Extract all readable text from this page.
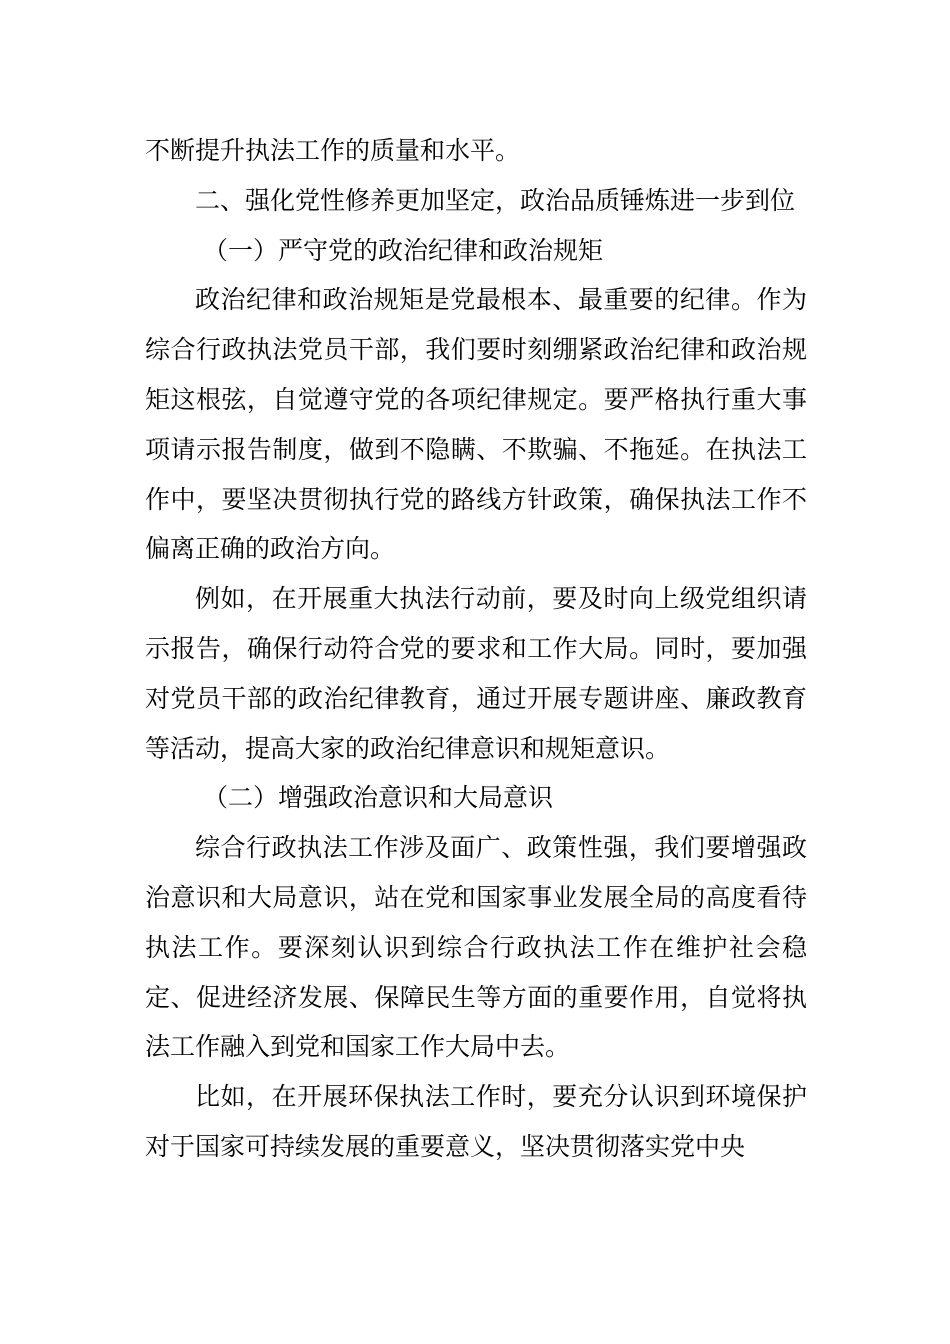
不断提升执法工作的质量和水平。

二、强化党性修养更加坚定，政治品质锤炼进一步到位

（一）严守党的政治纪律和政治规矩

政治纪律和政治规矩是党最根本、最重要的纪律。作为综合行政执法党员干部，我们要时刻绷紧政治纪律和政治规矩这根弦，自觉遵守党的各项纪律规定。要严格执行重大事项请示报告制度，做到不隐瞒、不欺骗、不拖延。在执法工作中，要坚决贯彻执行党的路线方针政策，确保执法工作不偏离正确的政治方向。

例如，在开展重大执法行动前，要及时向上级党组织请示报告，确保行动符合党的要求和工作大局。同时，要加强对党员干部的政治纪律教育，通过开展专题讲座、廉政教育等活动，提高大家的政治纪律意识和规矩意识。

（二）增强政治意识和大局意识

综合行政执法工作涉及面广、政策性强，我们要增强政治意识和大局意识，站在党和国家事业发展全局的高度看待执法工作。要深刻认识到综合行政执法工作在维护社会稳定、促进经济发展、保障民生等方面的重要作用，自觉将执法工作融入到党和国家工作大局中去。

比如，在开展环保执法工作时，要充分认识到环境保护对于国家可持续发展的重要意义，坚决贯彻落实党中央
